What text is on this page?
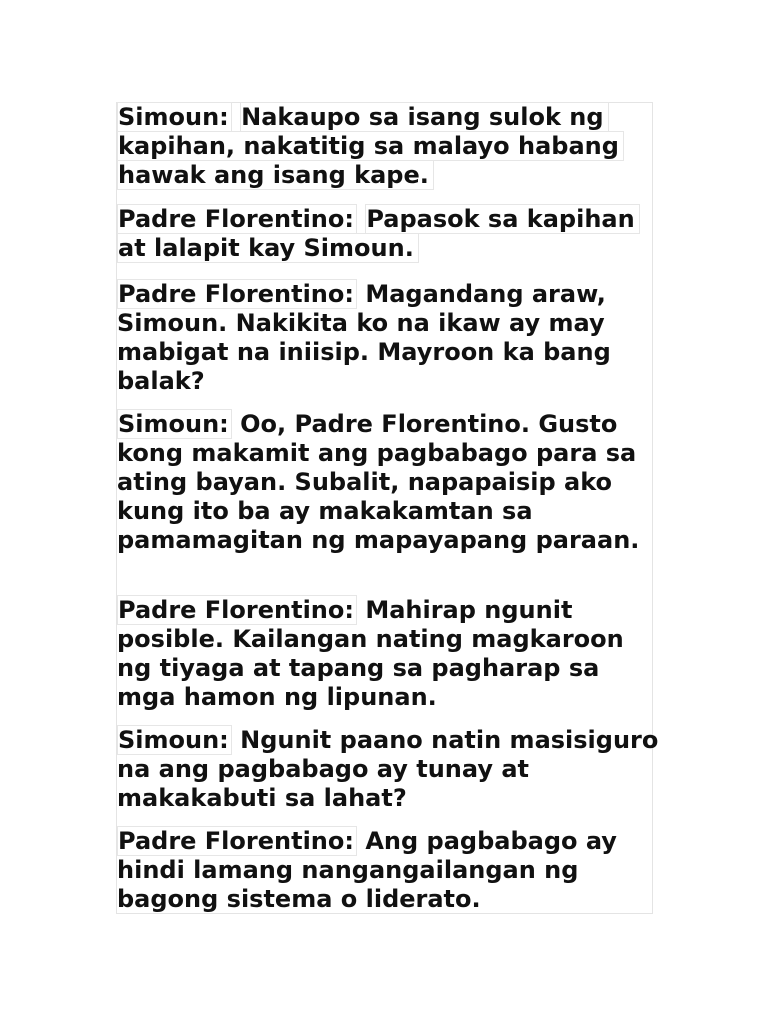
Simoun: Nakaupo sa isang sulok ng kapihan, nakatitig sa malayo habang hawak ang isang kape.

Padre Florentino: Papasok sa kapihan at lalapit kay Simoun.

Padre Florentino: Magandang araw, Simoun. Nakikita ko na ikaw ay may mabigat na iniisip. Mayroon ka bang balak?

Simoun: Oo, Padre Florentino. Gusto kong makamit ang pagbabago para sa ating bayan. Subalit, napapaisip ako kung ito ba ay makakamtan sa pamamagitan ng mapayapang paraan.

Padre Florentino: Mahirap ngunit posible. Kailangan nating magkaroon ng tiyaga at tapang sa pagharap sa mga hamon ng lipunan.

Simoun: Ngunit paano natin masisiguro na ang pagbabago ay tunay at makakabuti sa lahat?

Padre Florentino: Ang pagbabago ay hindi lamang nangangailangan ng bagong sistema o liderato.
